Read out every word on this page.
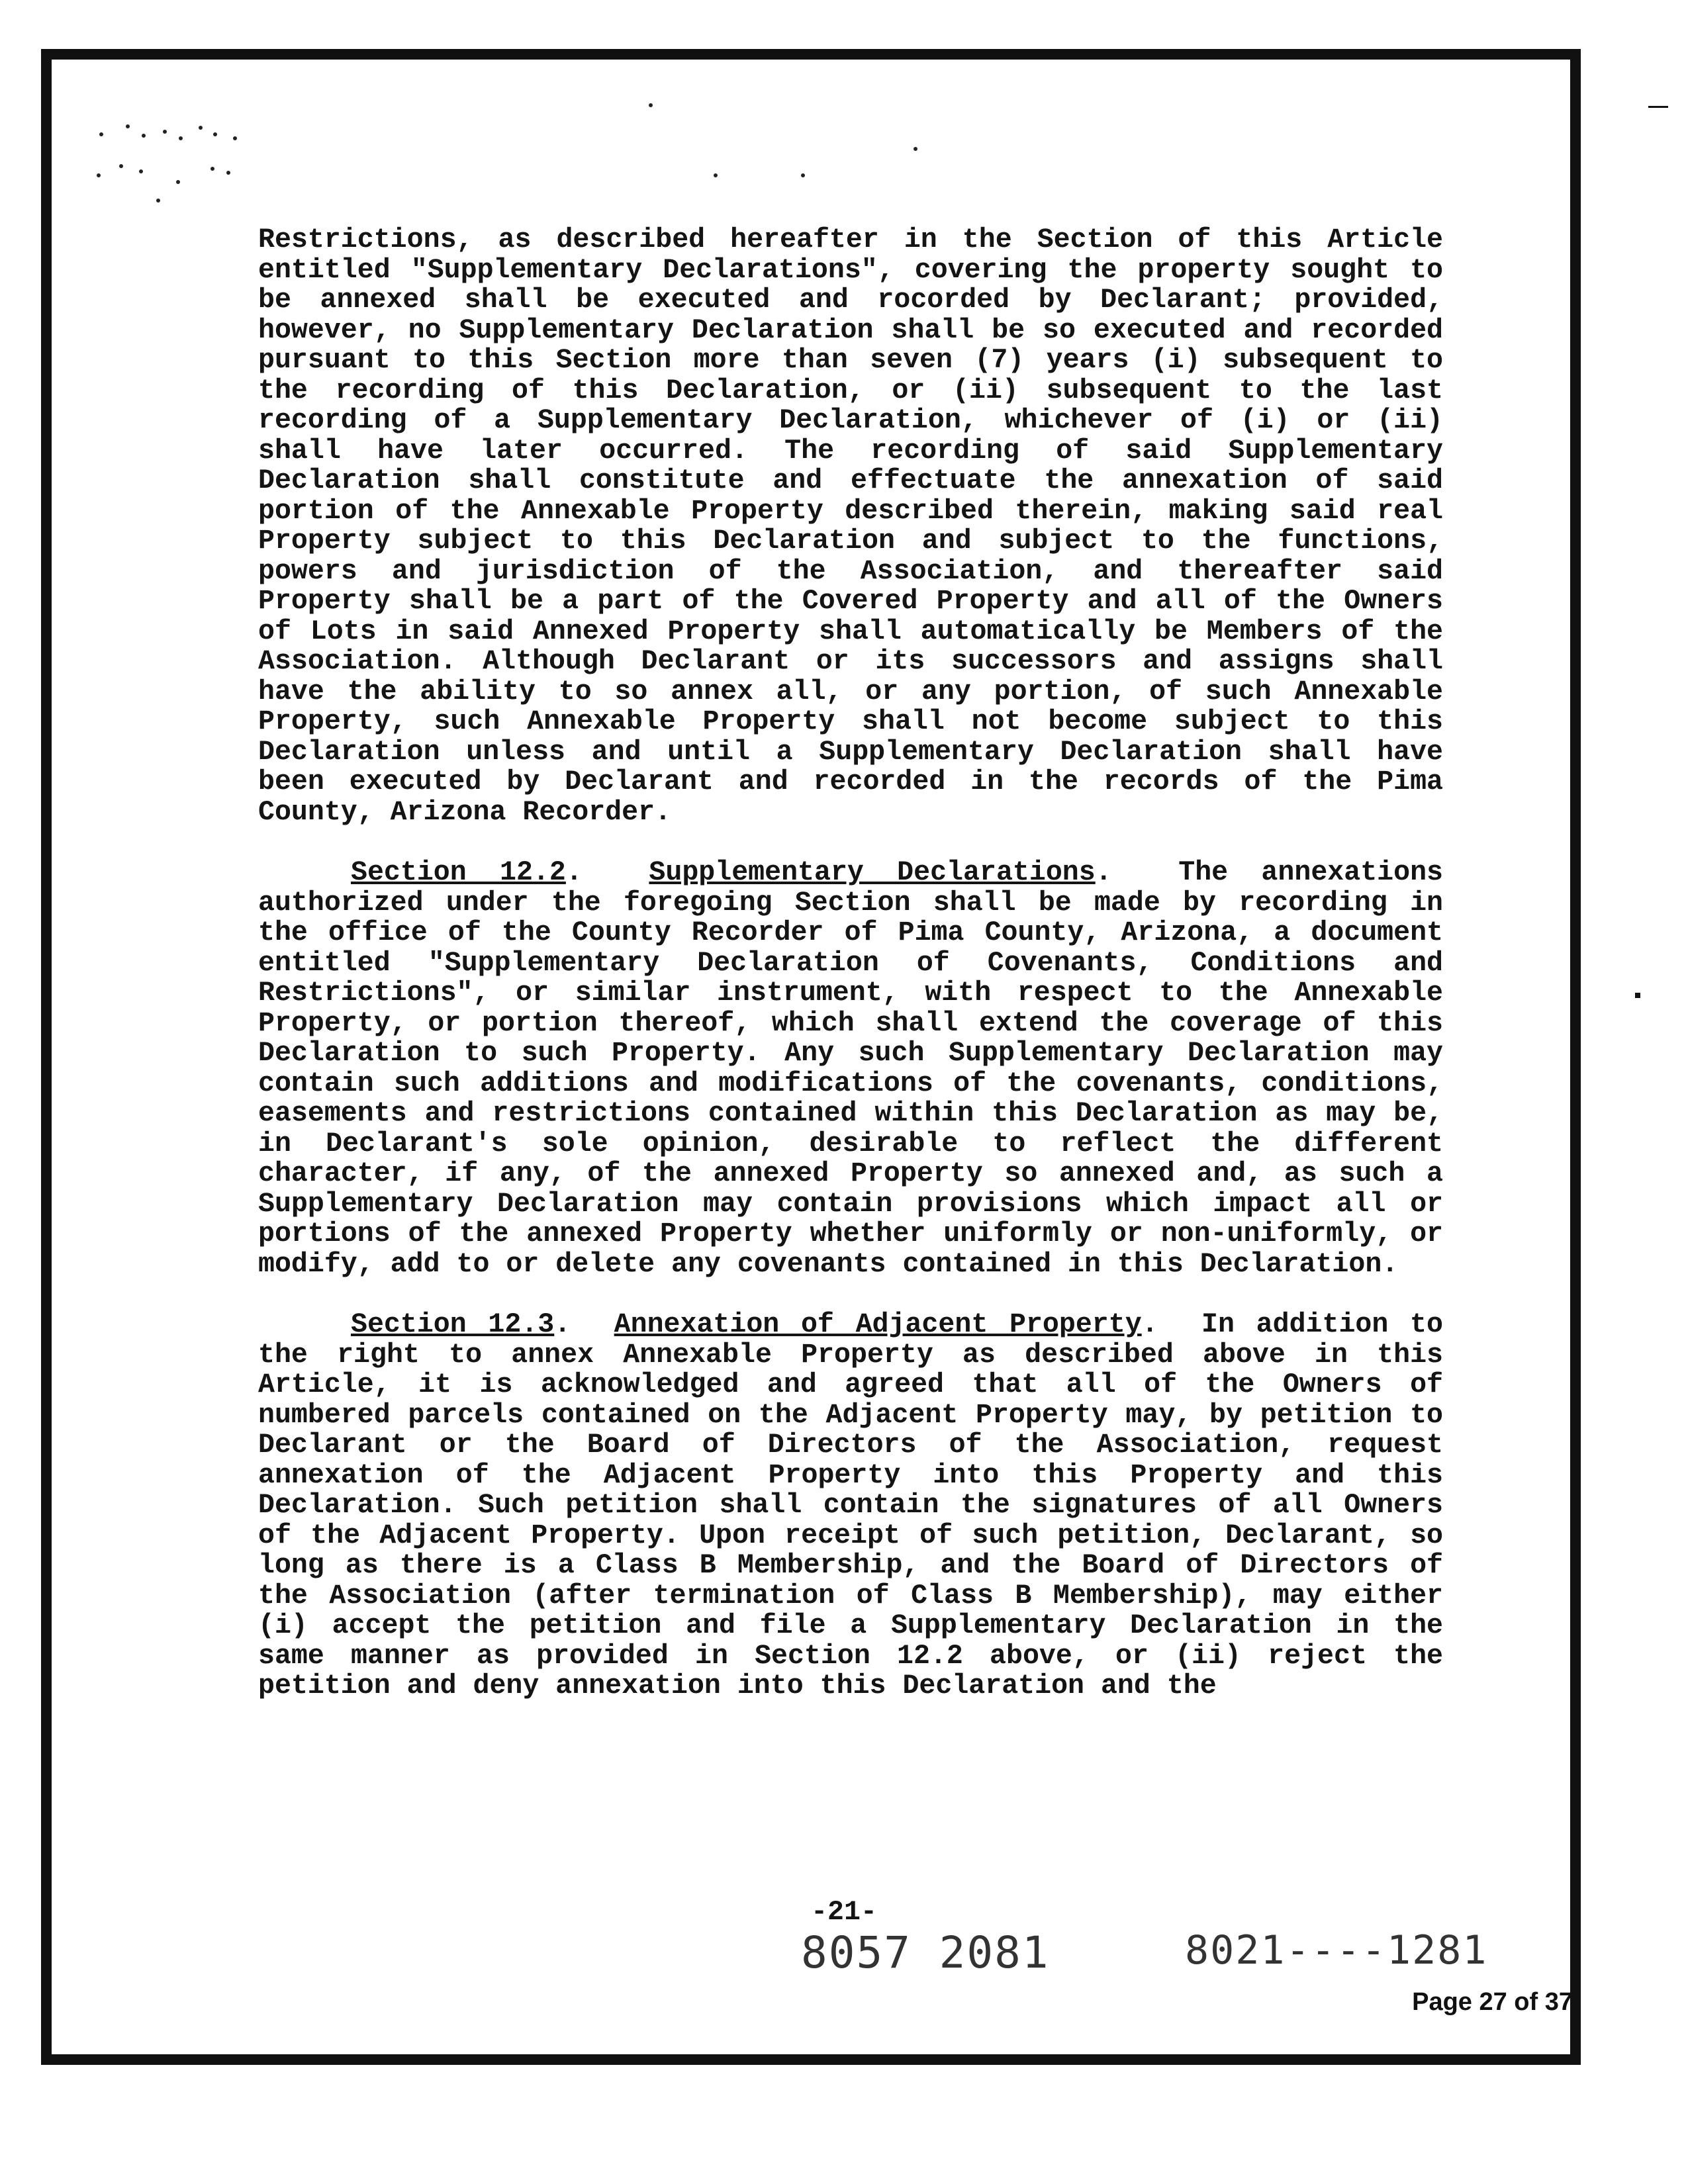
Restrictions, as described hereafter in the Section of this Article entitled "Supplementary Declarations", covering the property sought to be annexed shall be executed and rocorded by Declarant; provided, however, no Supplementary Declaration shall be so executed and recorded pursuant to this Section more than seven (7) years (i) subsequent to the recording of this Declaration, or (ii) subsequent to the last recording of a Supplementary Declaration, whichever of (i) or (ii) shall have later occurred. The recording of said Supplementary Declaration shall constitute and effectuate the annexation of said portion of the Annexable Property described therein, making said real Property subject to this Declaration and subject to the functions, powers and jurisdiction of the Association, and thereafter said Property shall be a part of the Covered Property and all of the Owners of Lots in said Annexed Property shall automatically be Members of the Association. Although Declarant or its successors and assigns shall have the ability to so annex all, or any portion, of such Annexable Property, such Annexable Property shall not become subject to this Declaration unless and until a Supplementary Declaration shall have been executed by Declarant and recorded in the records of the Pima County, Arizona Recorder.

Section 12.2.  Supplementary Declarations.  The annexations authorized under the foregoing Section shall be made by recording in the office of the County Recorder of Pima County, Arizona, a document entitled "Supplementary Declaration of Covenants, Conditions and Restrictions", or similar instrument, with respect to the Annexable Property, or portion thereof, which shall extend the coverage of this Declaration to such Property. Any such Supplementary Declaration may contain such additions and modifications of the covenants, conditions, easements and restrictions contained within this Declaration as may be, in Declarant's sole opinion, desirable to reflect the different character, if any, of the annexed Property so annexed and, as such a Supplementary Declaration may contain provisions which impact all or portions of the annexed Property whether uniformly or non-uniformly, or modify, add to or delete any covenants contained in this Declaration.

Section 12.3.  Annexation of Adjacent Property.  In addition to the right to annex Annexable Property as described above in this Article, it is acknowledged and agreed that all of the Owners of numbered parcels contained on the Adjacent Property may, by petition to Declarant or the Board of Directors of the Association, request annexation of the Adjacent Property into this Property and this Declaration. Such petition shall contain the signatures of all Owners of the Adjacent Property. Upon receipt of such petition, Declarant, so long as there is a Class B Membership, and the Board of Directors of the Association (after termination of Class B Membership), may either (i) accept the petition and file a Supplementary Declaration in the same manner as provided in Section 12.2 above, or (ii) reject the petition and deny annexation into this Declaration and the

-21-
8057 2081	8021----1281
Page 27 of 37
